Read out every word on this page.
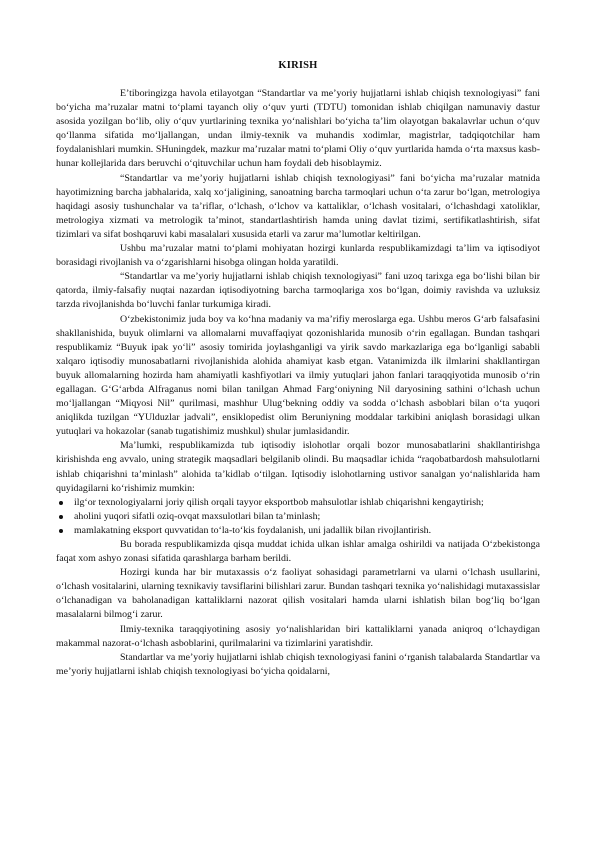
KIRISH

E’tiboringizga havola etilayotgan “Standartlar va me’yoriy hujjatlarni ishlab chiqish texnologiyasi” fani bo‘yicha ma’ruzalar matni to‘plami tayanch oliy o‘quv yurti (TDTU) tomonidan ishlab chiqilgan namunaviy dastur asosida yozilgan bo‘lib, oliy o‘quv yurtlarining texnika yo‘nalishlari bo‘yicha ta’lim olayotgan bakalavrlar uchun o‘quv qo‘llanma sifatida mo‘ljallangan, undan ilmiy-texnik va muhandis xodimlar, magistrlar, tadqiqotchilar ham foydalanishlari mumkin. SHuningdek, mazkur ma’ruzalar matni to‘plami Oliy o‘quv yurtlarida hamda o‘rta maxsus kasb-hunar kollejlarida dars beruvchi o‘qituvchilar uchun ham foydali deb hisoblaymiz.

“Standartlar va me’yoriy hujjatlarni ishlab chiqish texnologiyasi” fani bo‘yicha ma’ruzalar matnida hayotimizning barcha jabhalarida, xalq xo‘jaligining, sanoatning barcha tarmoqlari uchun o‘ta zarur bo‘lgan, metrologiya haqidagi asosiy tushunchalar va ta’riflar, o‘lchash, o‘lchov va kattaliklar, o‘lchash vositalari, o‘lchashdagi xatoliklar, metrologiya xizmati va metrologik ta’minot, standartlashtirish hamda uning davlat tizimi, sertifikatlashtirish, sifat tizimlari va sifat boshqaruvi kabi masalalari xususida etarli va zarur ma’lumotlar keltirilgan.

Ushbu ma’ruzalar matni to‘plami mohiyatan hozirgi kunlarda respublikamizdagi ta’lim va iqtisodiyot borasidagi rivojlanish va o‘zgarishlarni hisobga olingan holda yaratildi.

“Standartlar va me’yoriy hujjatlarni ishlab chiqish texnologiyasi” fani uzoq tarixga ega bo‘lishi bilan bir qatorda, ilmiy-falsafiy nuqtai nazardan iqtisodiyotning barcha tarmoqlariga xos bo‘lgan, doimiy ravishda va uzluksiz tarzda rivojlanishda bo‘luvchi fanlar turkumiga kiradi.

O‘zbekistonimiz juda boy va ko‘hna madaniy va ma’rifiy meroslarga ega. Ushbu meros G‘arb falsafasini shakllanishida, buyuk olimlarni va allomalarni muvaffaqiyat qozonishlarida munosib o‘rin egallagan. Bundan tashqari respublikamiz “Buyuk ipak yo‘li” asosiy tomirida joylashganligi va yirik savdo markazlariga ega bo‘lganligi sababli xalqaro iqtisodiy munosabatlarni rivojlanishida alohida ahamiyat kasb etgan. Vatanimizda ilk ilmlarini shakllantirgan buyuk allomalarning hozirda ham ahamiyatli kashfiyotlari va ilmiy yutuqlari jahon fanlari taraqqiyotida munosib o‘rin egallagan. G‘G‘arbda Alfraganus nomi bilan tanilgan Ahmad Farg‘oniyning Nil daryosining sathini o‘lchash uchun mo‘ljallangan “Miqyosi Nil” qurilmasi, mashhur Ulug‘bekning oddiy va sodda o‘lchash asboblari bilan o‘ta yuqori aniqlikda tuzilgan “YUlduzlar jadvali”, ensiklopedist olim Beruniyning moddalar tarkibini aniqlash borasidagi ulkan yutuqlari va hokazolar (sanab tugatishimiz mushkul) shular jumlasidandir.

Ma’lumki, respublikamizda tub iqtisodiy islohotlar orqali bozor munosabatlarini shakllantirishga kirishishda eng avvalo, uning strategik maqsadlari belgilanib olindi. Bu maqsadlar ichida “raqobatbardosh mahsulotlarni ishlab chiqarishni ta’minlash” alohida ta’kidlab o‘tilgan. Iqtisodiy islohotlarning ustivor sanalgan yo‘nalishlarida ham quyidagilarni ko‘rishimiz mumkin:

ilg‘or texnologiyalarni joriy qilish orqali tayyor eksportbob mahsulotlar ishlab chiqarishni kengaytirish;
aholini yuqori sifatli oziq-ovqat maxsulotlari bilan ta’minlash;
mamlakatning eksport quvvatidan to‘la-to‘kis foydalanish, uni jadallik bilan rivojlantirish.

Bu borada respublikamizda qisqa muddat ichida ulkan ishlar amalga oshirildi va natijada O‘zbekistonga faqat xom ashyo zonasi sifatida qarashlarga barham berildi.

Hozirgi kunda har bir mutaxassis o‘z faoliyat sohasidagi parametrlarni va ularni o‘lchash usullarini, o‘lchash vositalarini, ularning texnikaviy tavsiflarini bilishlari zarur. Bundan tashqari texnika yo‘nalishidagi mutaxassislar o‘lchanadigan va baholanadigan kattaliklarni nazorat qilish vositalari hamda ularni ishlatish bilan bog‘liq bo‘lgan masalalarni bilmog‘i zarur.

Ilmiy-texnika taraqqiyotining asosiy yo‘nalishlaridan biri kattaliklarni yanada aniqroq o‘lchaydigan makammal nazorat-o‘lchash asboblarini, qurilmalarini va tizimlarini yaratishdir.

Standartlar va me’yoriy hujjatlarni ishlab chiqish texnologiyasi fanini o‘rganish talabalarda Standartlar va me’yoriy hujjatlarni ishlab chiqish texnologiyasi bo‘yicha qoidalarni,
